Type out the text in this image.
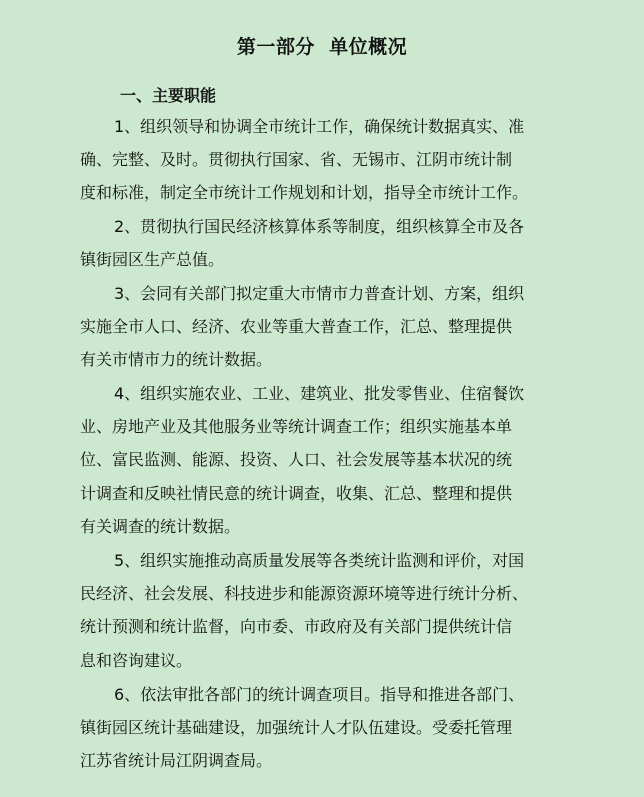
第一部分  单位概况
一、主要职能
1、组织领导和协调全市统计工作，确保统计数据真实、准
确、完整、及时。贯彻执行国家、省、无锡市、江阴市统计制
度和标准，制定全市统计工作规划和计划，指导全市统计工作。
2、贯彻执行国民经济核算体系等制度，组织核算全市及各
镇街园区生产总值。
3、会同有关部门拟定重大市情市力普查计划、方案，组织
实施全市人口、经济、农业等重大普查工作，汇总、整理提供
有关市情市力的统计数据。
4、组织实施农业、工业、建筑业、批发零售业、住宿餐饮
业、房地产业及其他服务业等统计调查工作；组织实施基本单
位、富民监测、能源、投资、人口、社会发展等基本状况的统
计调查和反映社情民意的统计调查，收集、汇总、整理和提供
有关调查的统计数据。
5、组织实施推动高质量发展等各类统计监测和评价，对国
民经济、社会发展、科技进步和能源资源环境等进行统计分析、
统计预测和统计监督，向市委、市政府及有关部门提供统计信
息和咨询建议。
6、依法审批各部门的统计调查项目。指导和推进各部门、
镇街园区统计基础建设，加强统计人才队伍建设。受委托管理
江苏省统计局江阴调查局。
